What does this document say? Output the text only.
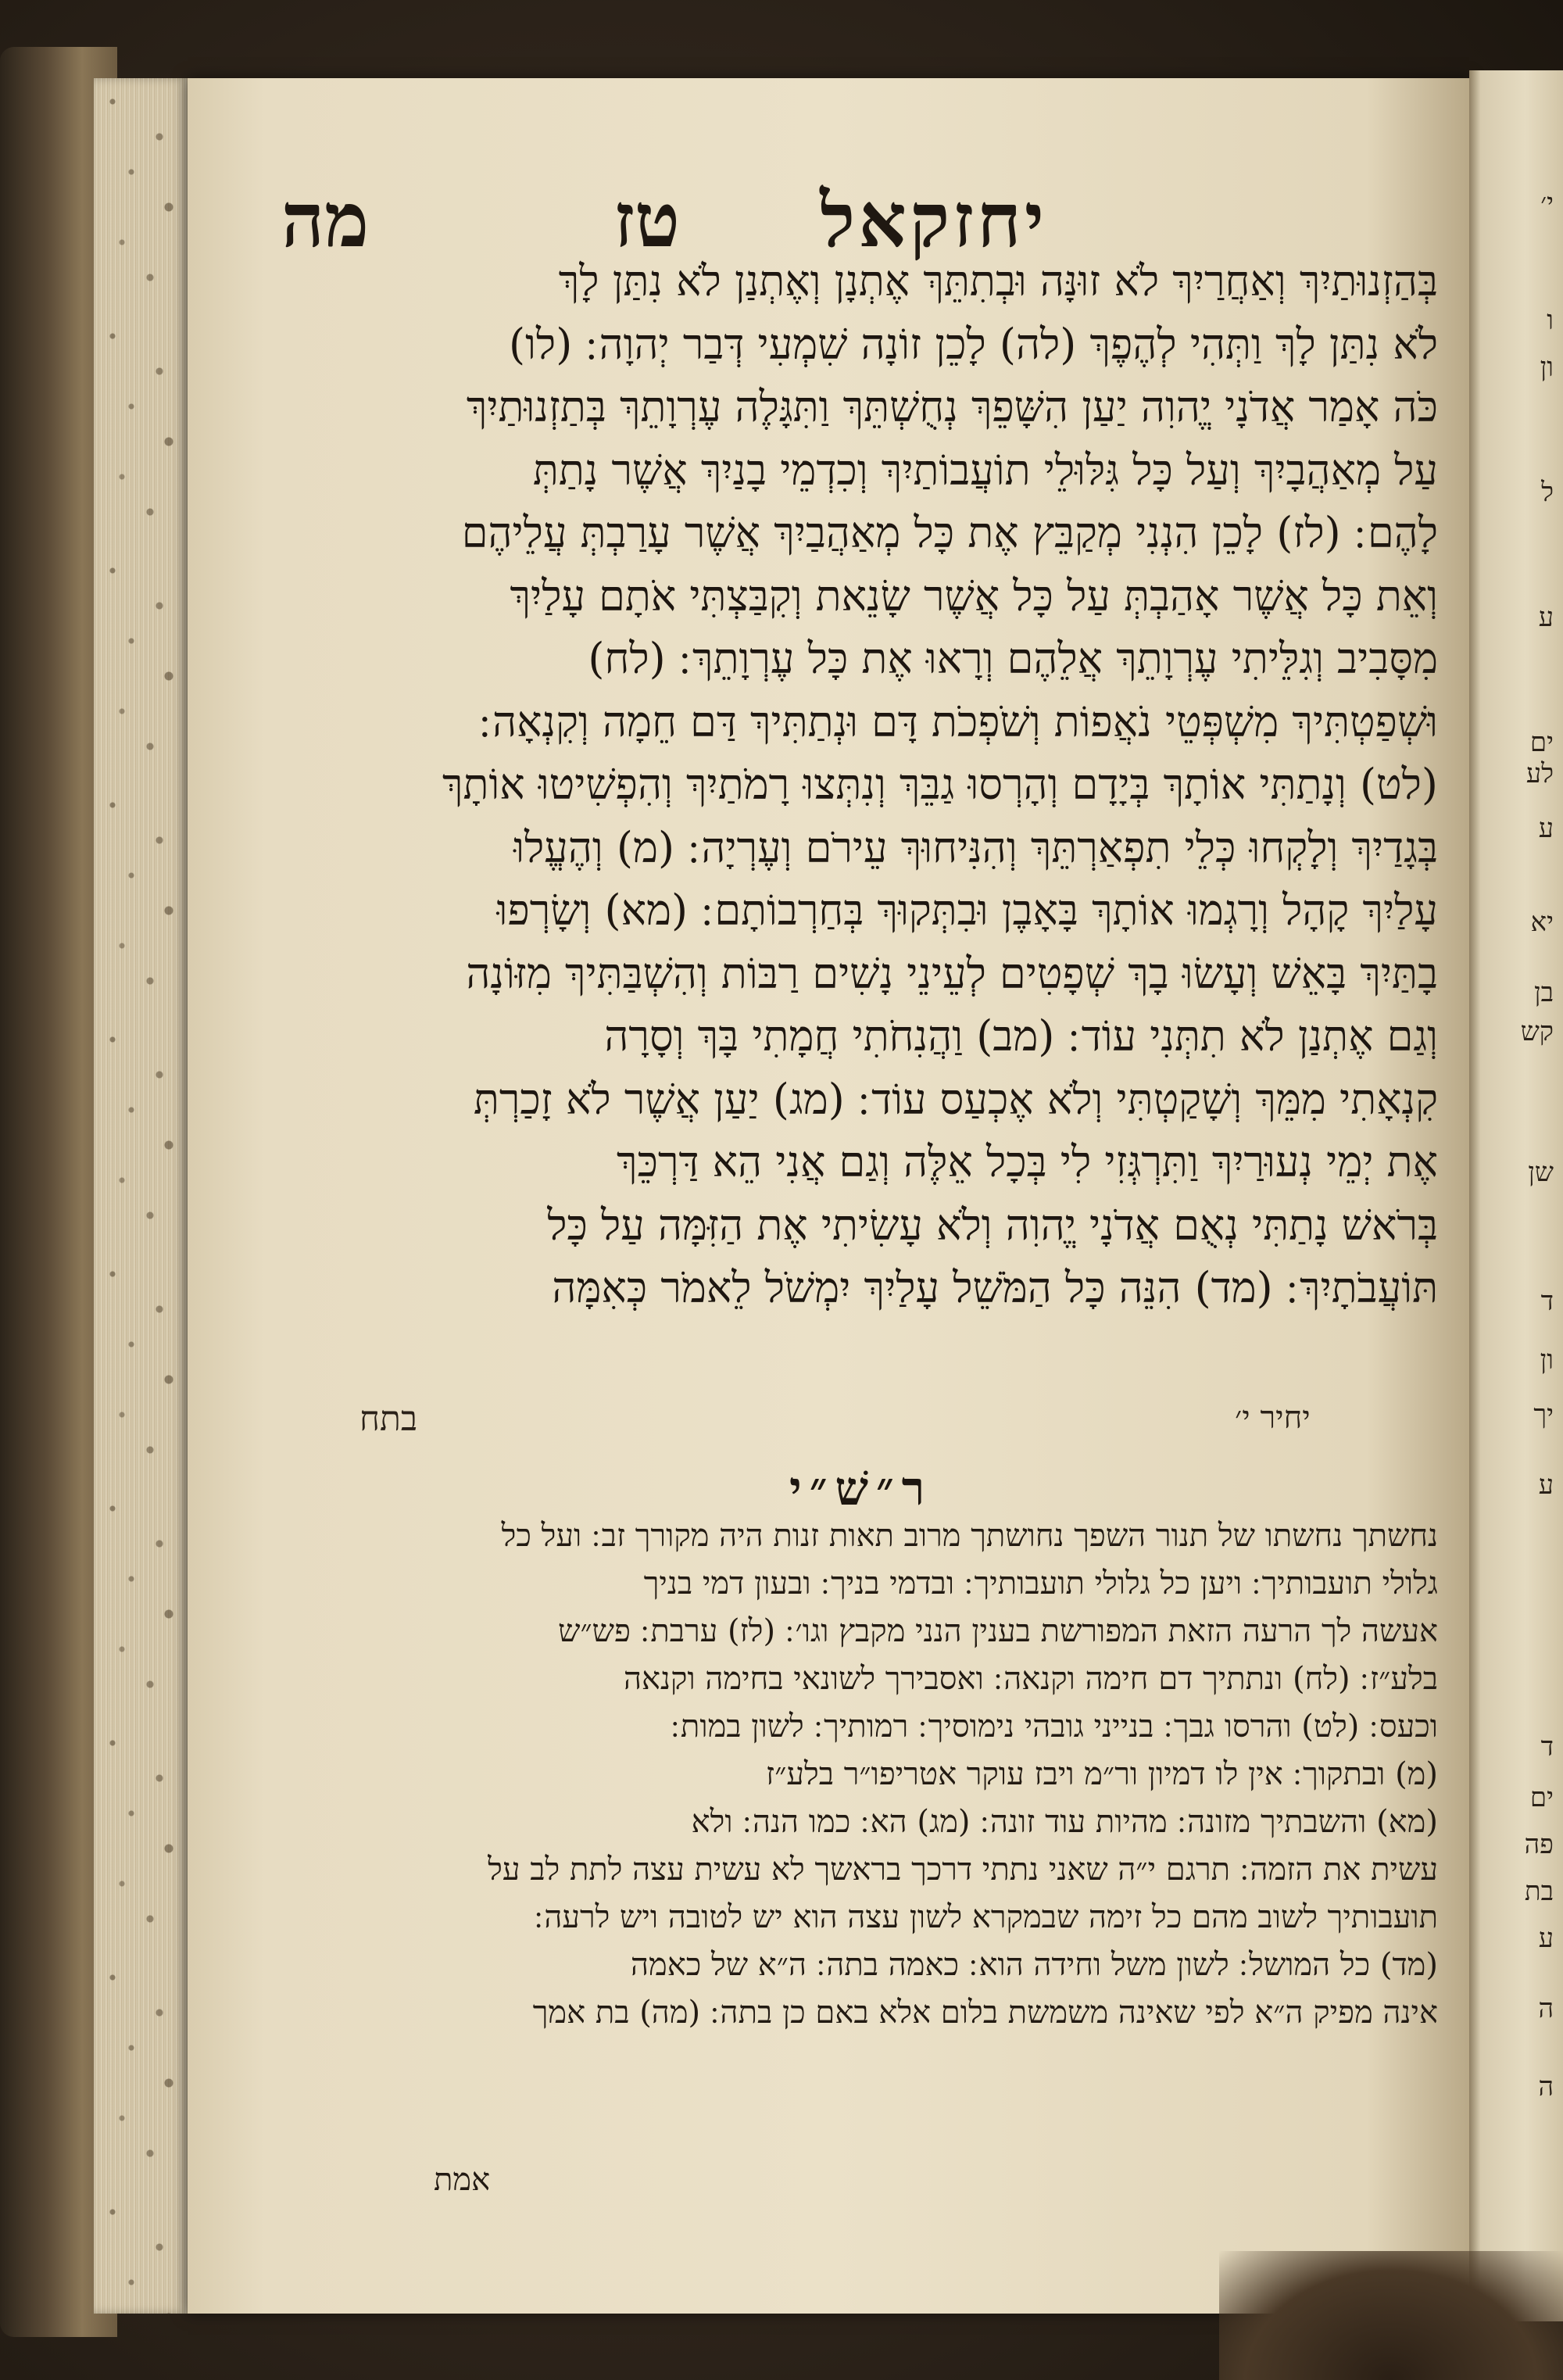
י׳
ו
ון
ל
ע
ים
לע
ע
יא
בן
קש
שן
ד
ון
יך
ע
ד
ים
פה
בת
ע
ה
ה
יחזקאל
טז
מה
בְּהַזְנוּתַיִךְ וְאַחֲרַיִךְ לֹא זוּנָּה וּבְתִתֵּךְ אֶתְנָן וְאֶתְנַן לֹא נִתַּן לָךְ
לֹא נִתַּן לָךְ וַתְּהִי לְהֶפֶךְ (לה) לָכֵן זוֹנָה שִׁמְעִי דְּבַר יְהוָה ׃ (לו)
כֹּה אָמַר אֲדֹנָי יֱהוִה יַעַן הִשָּׁפֵךְ נְחֻשְׁתֵּךְ וַתִּגָּלֶה עֶרְוָתֵךְ בְּתַזְנוּתַיִךְ
עַל מְאַהֲבָיִךְ וְעַל כָּל גִּלּוּלֵי תוֹעֲבוֹתַיִךְ וְכִדְמֵי בָנַיִךְ אֲשֶׁר נָתַתְּ
לָהֶם ׃ (לז) לָכֵן הִנְנִי מְקַבֵּץ אֶת כָּל מְאַהֲבַיִךְ אֲשֶׁר עָרַבְתְּ עֲלֵיהֶם
וְאֵת כָּל אֲשֶׁר אָהַבְתְּ עַל כָּל אֲשֶׁר שָׂנֵאת וְקִבַּצְתִּי אֹתָם עָלַיִךְ
מִסָּבִיב וְגִלֵּיתִי עֶרְוָתֵךְ אֲלֵהֶם וְרָאוּ אֶת כָּל עֶרְוָתֵךְ ׃ (לח)
וּשְׁפַטְתִּיךְ מִשְׁפְּטֵי נֹאֲפוֹת וְשֹׁפְכֹת דָּם וּנְתַתִּיךְ דַּם חֵמָה וְקִנְאָה ׃
(לט) וְנָתַתִּי אוֹתָךְ בְּיָדָם וְהָרְסוּ גַבֵּךְ וְנִתְּצוּ רָמֹתַיִךְ וְהִפְשִׁיטוּ אוֹתָךְ
בְּגָדַיִךְ וְלָקְחוּ כְּלֵי תִפְאַרְתֵּךְ וְהִנִּיחוּךְ עֵירֹם וְעֶרְיָה ׃ (מ) וְהֶעֱלוּ
עָלַיִךְ קָהָל וְרָגְמוּ אוֹתָךְ בָּאָבֶן וּבִתְּקוּךְ בְּחַרְבוֹתָם ׃ (מא) וְשָׂרְפוּ
בָתַּיִךְ בָּאֵשׁ וְעָשׂוּ בָךְ שְׁפָטִים לְעֵינֵי נָשִׁים רַבּוֹת וְהִשְׁבַּתִּיךְ מִזּוֹנָה
וְגַם אֶתְנַן לֹא תִתְּנִי עוֹד ׃ (מב) וַהֲנִחֹתִי חֲמָתִי בָּךְ וְסָרָה
קִנְאָתִי מִמֵּךְ וְשָׁקַטְתִּי וְלֹא אֶכְעַס עוֹד ׃ (מג) יַעַן אֲשֶׁר לֹא זָכַרְתְּ
אֶת יְמֵי נְעוּרַיִךְ וַתִּרְגְּזִי לִי בְּכָל אֵלֶּה וְגַם אֲנִי הֵא דַּרְכֵּךְ
בְּרֹאשׁ נָתַתִּי נְאֻם אֲדֹנָי יֱהוִה וְלֹא עָשִׂיתִי אֶת הַזִּמָּה עַל כָּל
תּוֹעֲבֹתָיִךְ ׃ (מד) הִנֵּה כָּל הַמֹּשֵׁל עָלַיִךְ יִמְשֹׁל לֵאמֹר כְּאִמָּה
בתח	יחיר י׳
ר״שׁ״י
נחשתך נחשתו של תנור השפך נחושתך מרוב תאות זנות היה מקורך זב ׃ ועל כל
גלולי תועבותיך ׃ ויען כל גלולי תועבותיך ׃ ובדמי בניך ׃ ובעון דמי בניך
אעשה לך הרעה הזאת המפורשת בענין הנני מקבץ וגו׳ ׃ (לז) ערבת ׃ פש״ש
בלע״ז ׃ (לח) ונתתיך דם חימה וקנאה ׃ ואסבירך לשונאי בחימה וקנאה
וכעס ׃ (לט) והרסו גבך ׃ בנייני גובהי נימוסיך ׃ רמותיך ׃ לשון במות ׃
(מ) ובתקוך ׃ אין לו דמיון ור״מ ויבז עוקר אטריפו״ר בלע״ז
(מא) והשבתיך מזונה ׃ מהיות עוד זונה ׃ (מג) הא ׃ כמו הנה ׃ ולא
עשית את הזמה ׃ תרגם י״ה שאני נתתי דרכך בראשך לא עשית עצה לתת לב על
תועבותיך לשוב מהם כל זימה שבמקרא לשון עצה הוא יש לטובה ויש לרעה ׃
(מד) כל המושל ׃ לשון משל וחידה הוא ׃ כאמה בתה ׃ ה״א של כאמה
אינה מפיק ה״א לפי שאינה משמשת בלום אלא באם כן בתה ׃ (מה) בת אמך
אמת
